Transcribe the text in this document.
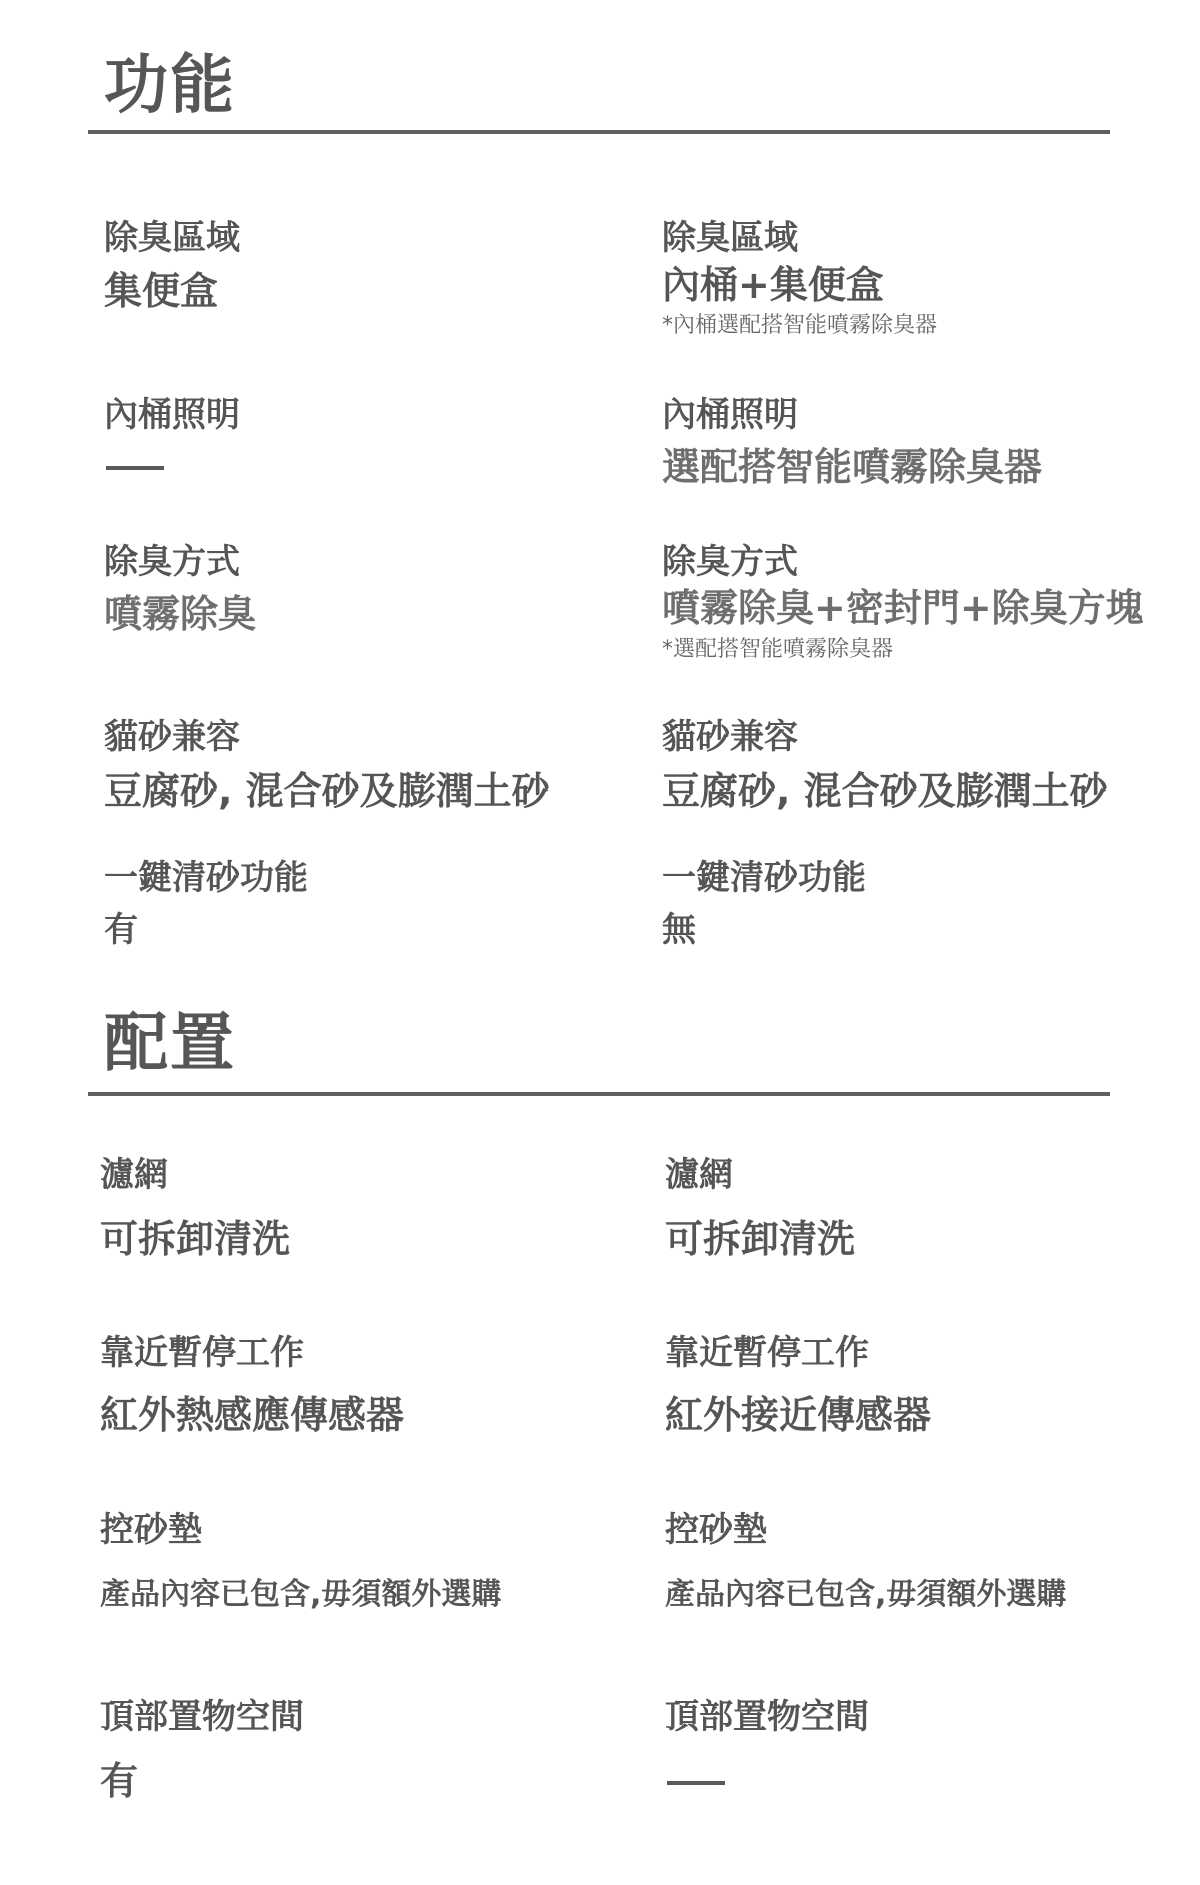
功能
除臭區域
集便盒
內桶照明
除臭方式
噴霧除臭
貓砂兼容
豆腐砂, 混合砂及膨潤土砂
一鍵清砂功能
有
除臭區域
內桶+集便盒
*內桶選配搭智能噴霧除臭器
內桶照明
選配搭智能噴霧除臭器
除臭方式
噴霧除臭+密封門+除臭方塊
*選配搭智能噴霧除臭器
貓砂兼容
豆腐砂, 混合砂及膨潤土砂
一鍵清砂功能
無
配置
濾網
可拆卸清洗
靠近暫停工作
紅外熱感應傳感器
控砂墊
產品內容已包含,毋須額外選購
頂部置物空間
有
濾網
可拆卸清洗
靠近暫停工作
紅外接近傳感器
控砂墊
產品內容已包含,毋須額外選購
頂部置物空間
